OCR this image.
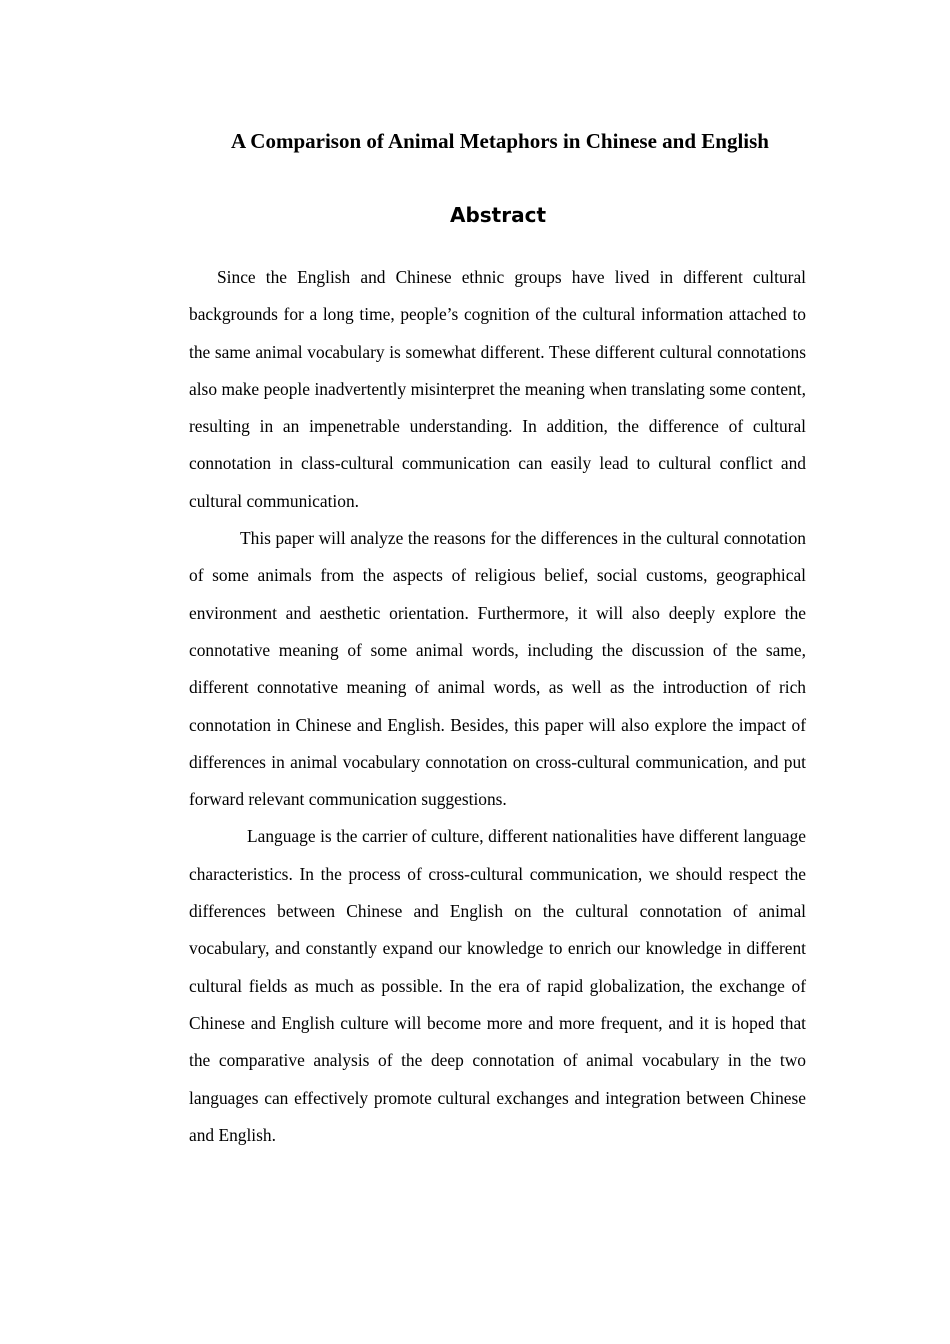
A Comparison of Animal Metaphors in Chinese and English
Abstract

Since the English and Chinese ethnic groups have lived in different cultural backgrounds for a long time, people’s cognition of the cultural information attached to the same animal vocabulary is somewhat different. These different cultural connotations also make people inadvertently misinterpret the meaning when translating some content, resulting in an impenetrable understanding. In addition, the difference of cultural connotation in class-cultural communication can easily lead to cultural conflict and cultural communication.

This paper will analyze the reasons for the differences in the cultural connotation of some animals from the aspects of religious belief, social customs, geographical environment and aesthetic orientation. Furthermore, it will also deeply explore the connotative meaning of some animal words, including the discussion of the same, different connotative meaning of animal words, as well as the introduction of rich connotation in Chinese and English. Besides, this paper will also explore the impact of differences in animal vocabulary connotation on cross-cultural communication, and put forward relevant communication suggestions.

Language is the carrier of culture, different nationalities have different language characteristics. In the process of cross-cultural communication, we should respect the differences between Chinese and English on the cultural connotation of animal vocabulary, and constantly expand our knowledge to enrich our knowledge in different cultural fields as much as possible. In the era of rapid globalization, the exchange of Chinese and English culture will become more and more frequent, and it is hoped that the comparative analysis of the deep connotation of animal vocabulary in the two languages can effectively promote cultural exchanges and integration between Chinese and English.
